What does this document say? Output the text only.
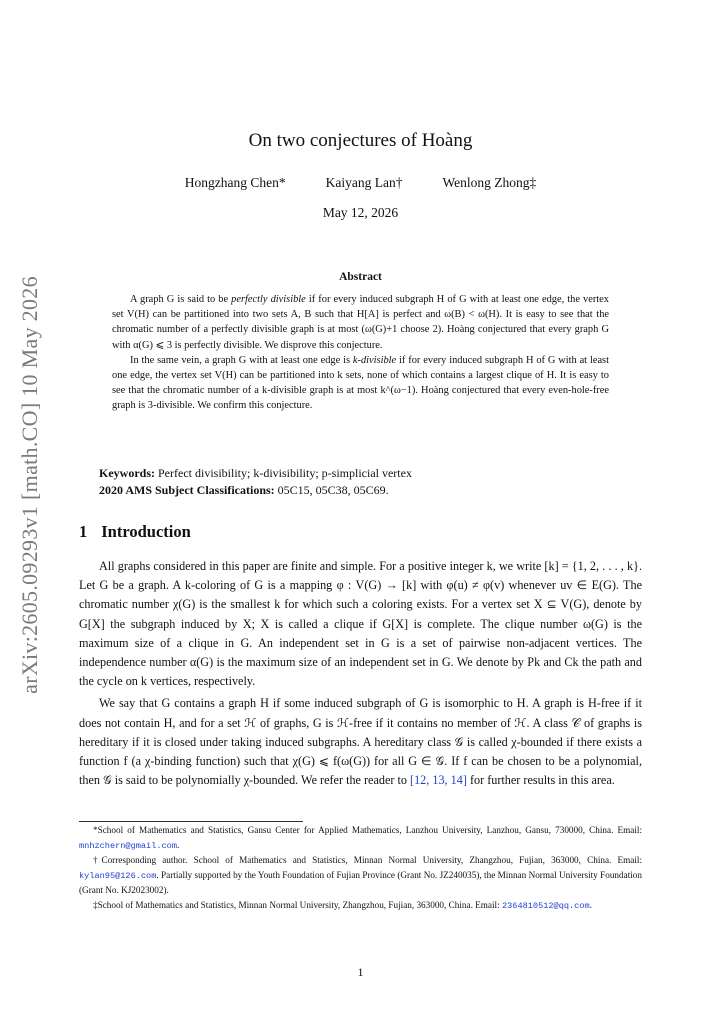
arXiv:2605.09293v1 [math.CO] 10 May 2026
On two conjectures of Hoàng
Hongzhang Chen*	Kaiyang Lan†	Wenlong Zhong‡
May 12, 2026
Abstract

A graph G is said to be perfectly divisible if for every induced subgraph H of G with at least one edge, the vertex set V(H) can be partitioned into two sets A, B such that H[A] is perfect and ω(B) < ω(H). It is easy to see that the chromatic number of a perfectly divisible graph is at most (ω(G)+1 choose 2). Hoàng conjectured that every graph G with α(G) ⩽ 3 is perfectly divisible. We disprove this conjecture.

In the same vein, a graph G with at least one edge is k-divisible if for every induced subgraph H of G with at least one edge, the vertex set V(H) can be partitioned into k sets, none of which contains a largest clique of H. It is easy to see that the chromatic number of a k-divisible graph is at most k^(ω−1). Hoàng conjectured that every even-hole-free graph is 3-divisible. We confirm this conjecture.

Keywords: Perfect divisibility; k-divisibility; p-simplicial vertex
2020 AMS Subject Classifications: 05C15, 05C38, 05C69.
1 Introduction

All graphs considered in this paper are finite and simple. For a positive integer k, we write [k] = {1, 2, . . . , k}. Let G be a graph. A k-coloring of G is a mapping φ : V(G) → [k] with φ(u) ≠ φ(v) whenever uv ∈ E(G). The chromatic number χ(G) is the smallest k for which such a coloring exists. For a vertex set X ⊆ V(G), denote by G[X] the subgraph induced by X; X is called a clique if G[X] is complete. The clique number ω(G) is the maximum size of a clique in G. An independent set in G is a set of pairwise non-adjacent vertices. The independence number α(G) is the maximum size of an independent set in G. We denote by Pk and Ck the path and the cycle on k vertices, respectively.

We say that G contains a graph H if some induced subgraph of G is isomorphic to H. A graph is H-free if it does not contain H, and for a set ℋ of graphs, G is ℋ-free if it contains no member of ℋ. A class 𝒞 of graphs is hereditary if it is closed under taking induced subgraphs. A hereditary class 𝒢 is called χ-bounded if there exists a function f (a χ-binding function) such that χ(G) ⩽ f(ω(G)) for all G ∈ 𝒢. If f can be chosen to be a polynomial, then 𝒢 is said to be polynomially χ-bounded. We refer the reader to [12, 13, 14] for further results in this area.

*School of Mathematics and Statistics, Gansu Center for Applied Mathematics, Lanzhou University, Lanzhou, Gansu, 730000, China. Email: mnhzchern@gmail.com.

†Corresponding author. School of Mathematics and Statistics, Minnan Normal University, Zhangzhou, Fujian, 363000, China. Email: kylan95@126.com. Partially supported by the Youth Foundation of Fujian Province (Grant No. JZ240035), the Minnan Normal University Foundation (Grant No. KJ2023002).

‡School of Mathematics and Statistics, Minnan Normal University, Zhangzhou, Fujian, 363000, China. Email: 2364810512@qq.com.

1
